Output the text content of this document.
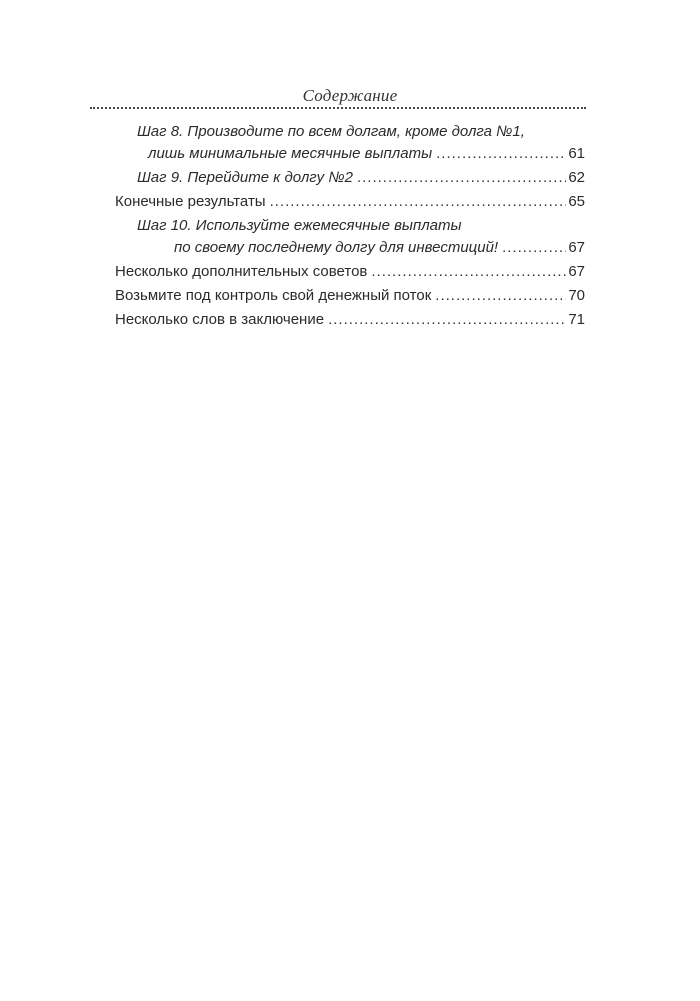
Содержание
Шаг 8. Производите по всем долгам, кроме долга №1,
лишь минимальные месячные выплаты .....	61
Шаг 9. Перейдите к долгу №2 .....	62
Конечные результаты .....	65
Шаг 10. Используйте ежемесячные выплаты
по своему последнему долгу для инвестиций! .....	67
Несколько дополнительных советов .....	67
Возьмите под контроль свой денежный поток .....	70
Несколько слов в заключение .....	71
